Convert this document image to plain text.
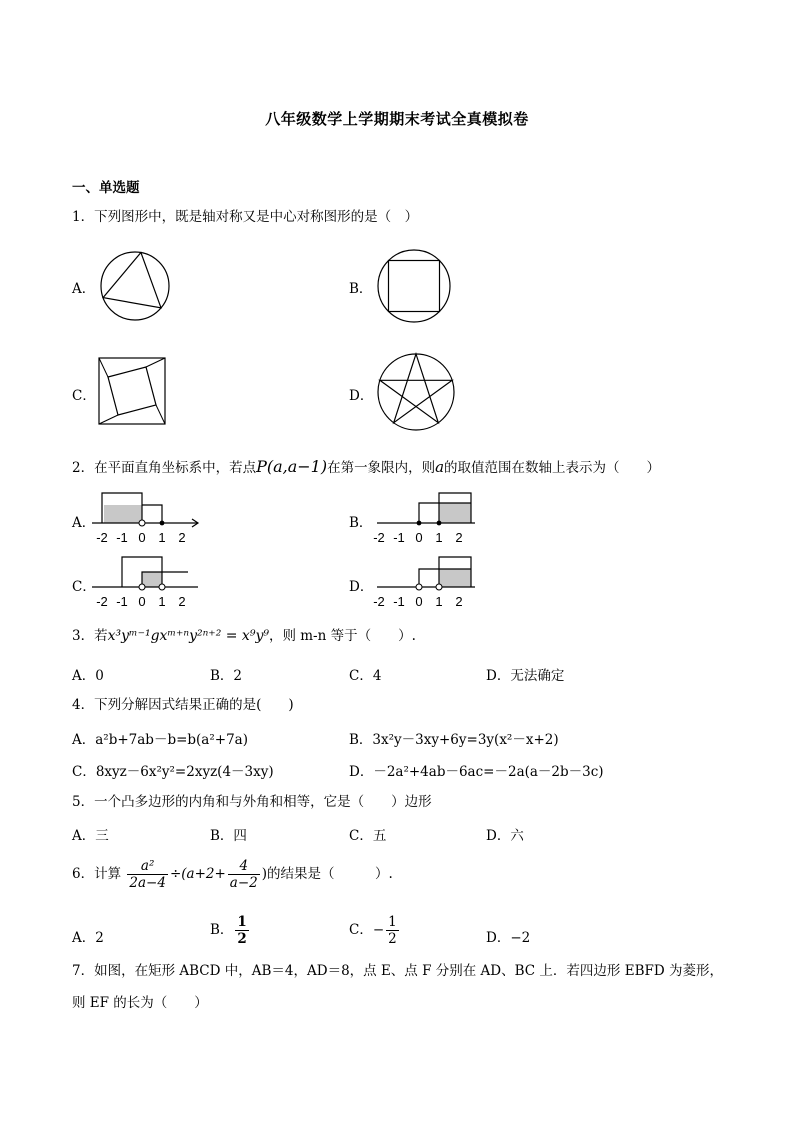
八年级数学上学期期末考试全真模拟卷
一、单选题
1．下列图形中，既是轴对称又是中心对称图形的是（　）
A．	B．
C．	D．
2．在平面直角坐标系中，若点P(a,a−1)在第一象限内，则a的取值范围在数轴上表示为（　　）
A．
-2 -1 0 1 2
B．
-2 -1 0 1 2
C．
-2 -1 0 1 2
D．
-2 -1 0 1 2
3．若x³yᵐ⁻¹gxᵐ⁺ⁿy²ⁿ⁺² = x⁹y⁹，则 m-n 等于（　　）.
A．0	B．2	C．4	D．无法确定
4．下列分解因式结果正确的是(　　)
A．a²b+7ab－b=b(a²+7a)	B．3x²y－3xy+6y=3y(x²－x+2)
C．8xyz－6x²y²=2xyz(4－3xy)	D．－2a²+4ab－6ac=－2a(a－2b－3c)
5．一个凸多边形的内角和与外角和相等，它是（　　）边形
A．三	B．四	C．五	D．六
6．计算 $\frac{\text{a²}}{2a-4} \div(a+2+ \frac{4}{a-2}$ )的结果是（　　　）.
A．2	B． $\frac{1}{2}$	C．− $\frac{1}{2}$	D．−2
7．如图，在矩形 ABCD 中，AB＝4，AD＝8，点 E、点 F 分别在 AD、BC 上．若四边形 EBFD 为菱形，
则 EF 的长为（　　）
